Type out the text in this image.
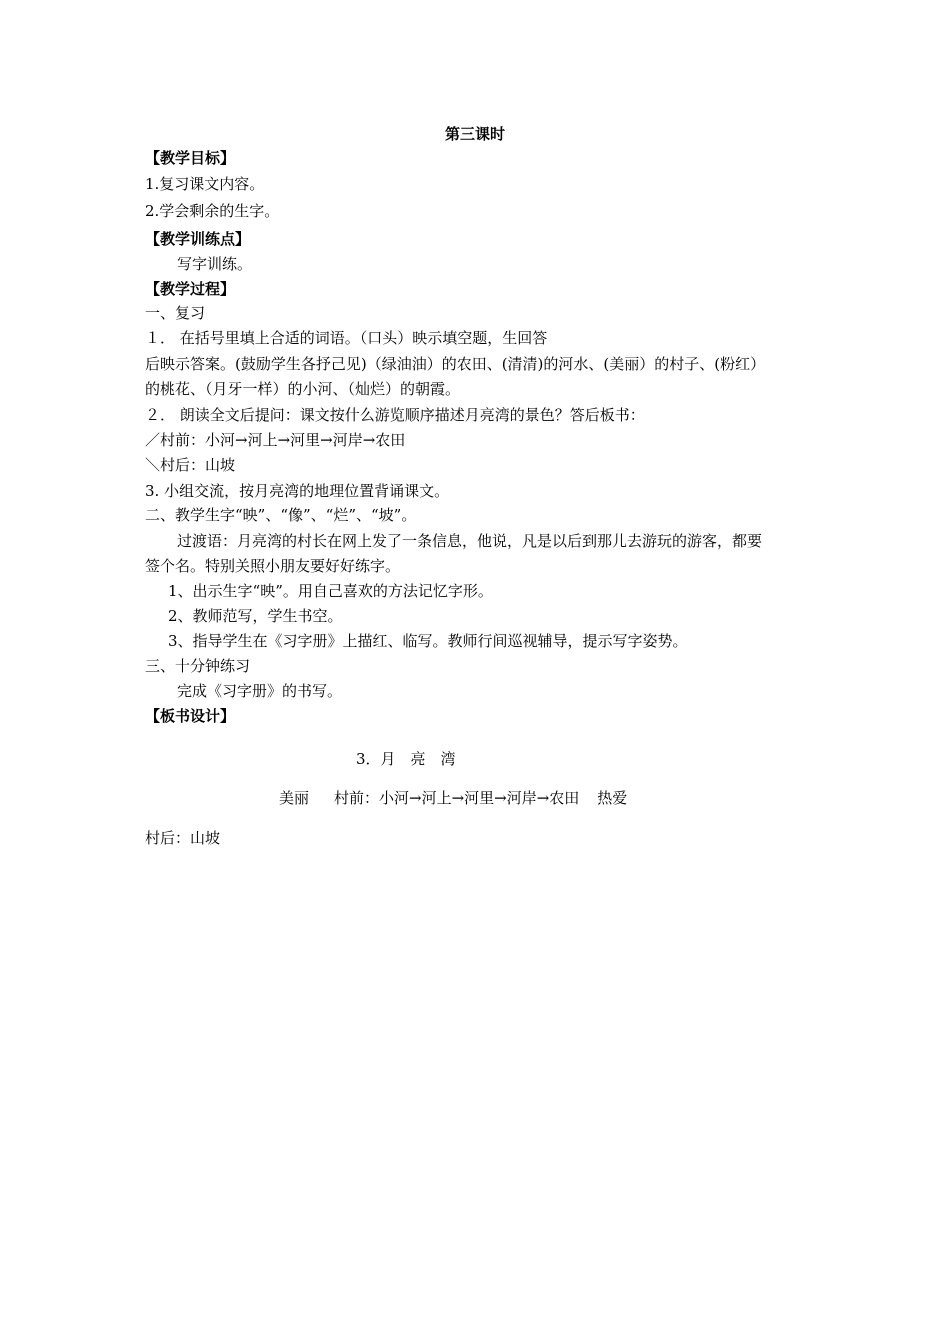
第三课时
【教学目标】
1.复习课文内容。
2.学会剩余的生字。
【教学训练点】
写字训练。
【教学过程】
一、复习
１． 在括号里填上合适的词语。（口头）映示填空题，生回答
后映示答案。(鼓励学生各抒己见)（绿油油）的农田、(清清)的河水、(美丽）的村子、(粉红）
的桃花、（月牙一样）的小河、（灿烂）的朝霞。
２． 朗读全文后提问：课文按什么游览顺序描述月亮湾的景色？答后板书：
／村前：小河→河上→河里→河岸→农田
＼村后：山坡
3. 小组交流，按月亮湾的地理位置背诵课文。
二、教学生字“映”、“像”、“烂”、“坡”。
过渡语：月亮湾的村长在网上发了一条信息，他说，凡是以后到那儿去游玩的游客，都要
签个名。特别关照小朋友要好好练字。
1、出示生字“映”。用自己喜欢的方法记忆字形。
2、教师范写，学生书空。
3、指导学生在《习字册》上描红、临写。教师行间巡视辅导，提示写字姿势。
三、十分钟练习
完成《习字册》的书写。
【板书设计】
3．月　亮　湾
美丽 村前：小河→河上→河里→河岸→农田 热爱
村后：山坡
